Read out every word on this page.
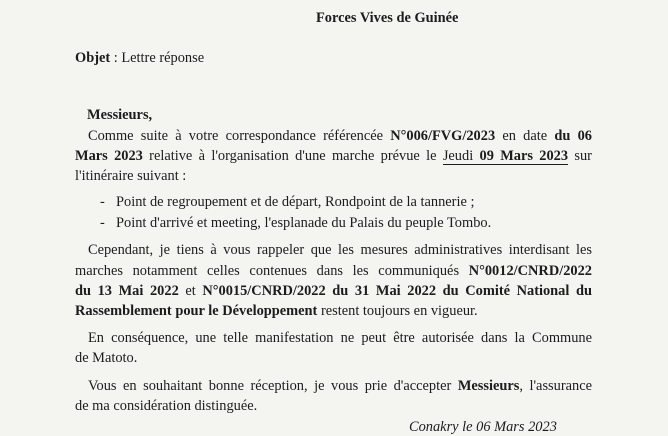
Forces Vives de Guinée
Objet : Lettre réponse
Messieurs,
Comme suite à votre correspondance référencée N°006/FVG/2023 en date du 06
Mars 2023 relative à l'organisation d'une marche prévue le Jeudi 09 Mars 2023 sur
l'itinéraire suivant :
- Point de regroupement et de départ, Rondpoint de la tannerie ;
- Point d'arrivé et meeting, l'esplanade du Palais du peuple Tombo.
Cependant, je tiens à vous rappeler que les mesures administratives interdisant les
marches notamment celles contenues dans les communiqués N°0012/CNRD/2022
du 13 Mai 2022 et N°0015/CNRD/2022 du 31 Mai 2022 du Comité National du
Rassemblement pour le Développement restent toujours en vigueur.
En conséquence, une telle manifestation ne peut être autorisée dans la Commune
de Matoto.
Vous en souhaitant bonne réception, je vous prie d'accepter Messieurs, l'assurance
de ma considération distinguée.
Conakry le 06 Mars 2023
